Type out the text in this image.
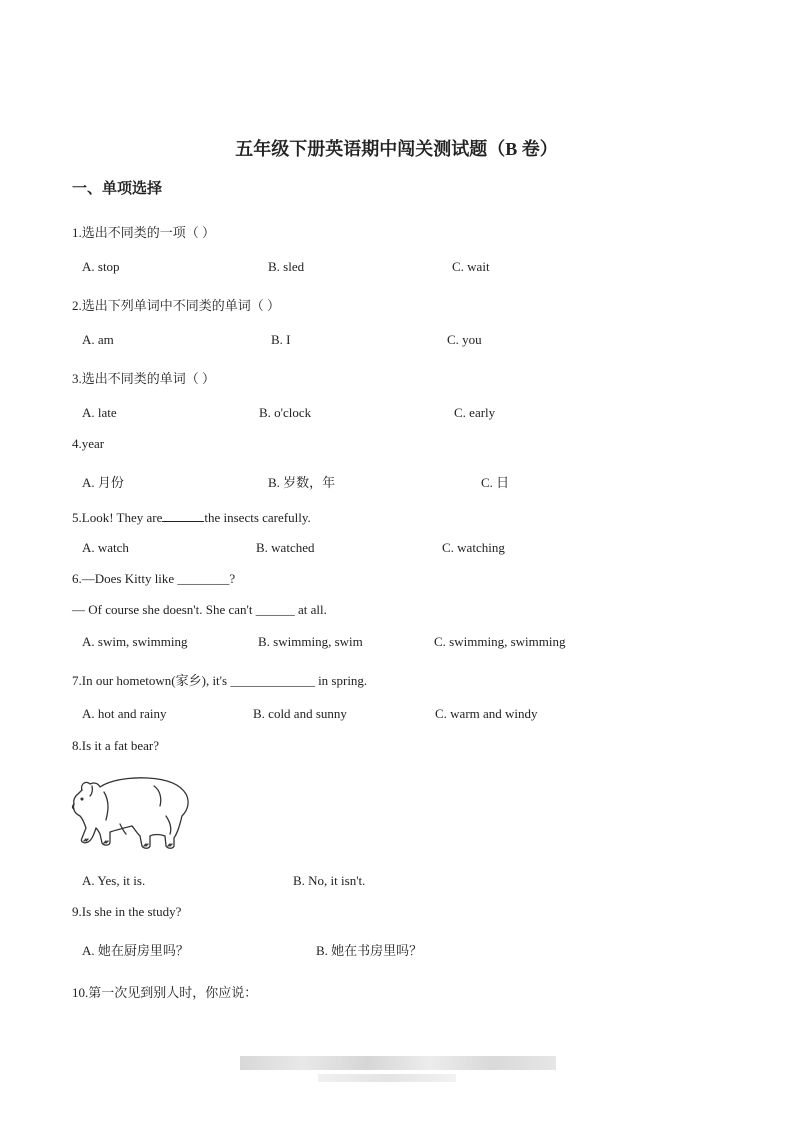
五年级下册英语期中闯关测试题（B 卷）
一、单项选择
1.选出不同类的一项（ ）
A. stop	B. sled	C. wait
2.选出下列单词中不同类的单词（ ）
A. am	B. I	C. you
3.选出不同类的单词（ ）
A. late	B. o'clock	C. early
4.year
A. 月份	B. 岁数，年	C. 日
5.Look! They are	the insects carefully.
A. watch	B. watched	C. watching
6.—Does Kitty like ________?
— Of course she doesn't. She can't ______ at all.
A. swim, swimming	B. swimming, swim	C. swimming, swimming
7.In our hometown(家乡), it's _____________ in spring.
A. hot and rainy	B. cold and sunny	C. warm and windy
8.Is it a fat bear?
A. Yes, it is.	B. No, it isn't.
9.Is she in the study?
A. 她在厨房里吗？	B. 她在书房里吗？
10.第一次见到别人时，你应说：
